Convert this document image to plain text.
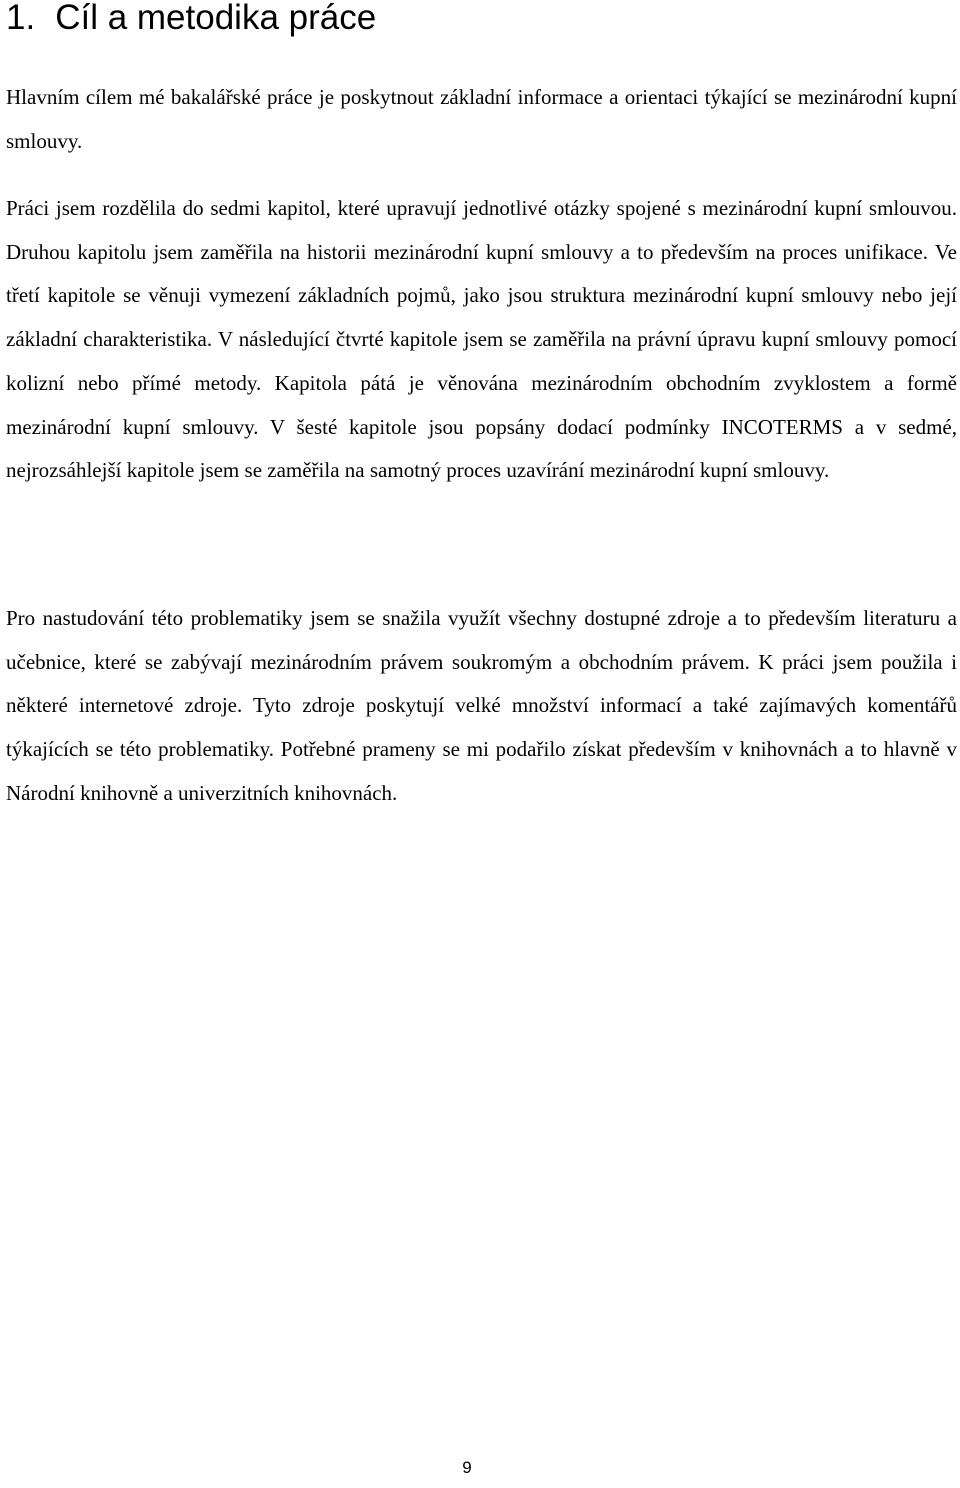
1. Cíl a metodika práce

Hlavním cílem mé bakalářské práce je poskytnout základní informace a orientaci týkající se mezinárodní kupní smlouvy.

Práci jsem rozdělila do sedmi kapitol, které upravují jednotlivé otázky spojené s mezinárodní kupní smlouvou. Druhou kapitolu jsem zaměřila na historii mezinárodní kupní smlouvy a to především na proces unifikace. Ve třetí kapitole se věnuji vymezení základních pojmů, jako jsou struktura mezinárodní kupní smlouvy nebo její základní charakteristika. V následující čtvrté kapitole jsem se zaměřila na právní úpravu kupní smlouvy pomocí kolizní nebo přímé metody. Kapitola pátá je věnována mezinárodním obchodním zvyklostem a formě mezinárodní kupní smlouvy. V šesté kapitole jsou popsány dodací podmínky INCOTERMS a v sedmé, nejrozsáhlejší kapitole jsem se zaměřila na samotný proces uzavírání mezinárodní kupní smlouvy.

Pro nastudování této problematiky jsem se snažila využít všechny dostupné zdroje a to především literaturu a učebnice, které se zabývají mezinárodním právem soukromým a obchodním právem. K práci jsem použila i některé internetové zdroje. Tyto zdroje poskytují velké množství informací a také zajímavých komentářů týkajících se této problematiky. Potřebné prameny se mi podařilo získat především v knihovnách a to hlavně v Národní knihovně a univerzitních knihovnách.

9
